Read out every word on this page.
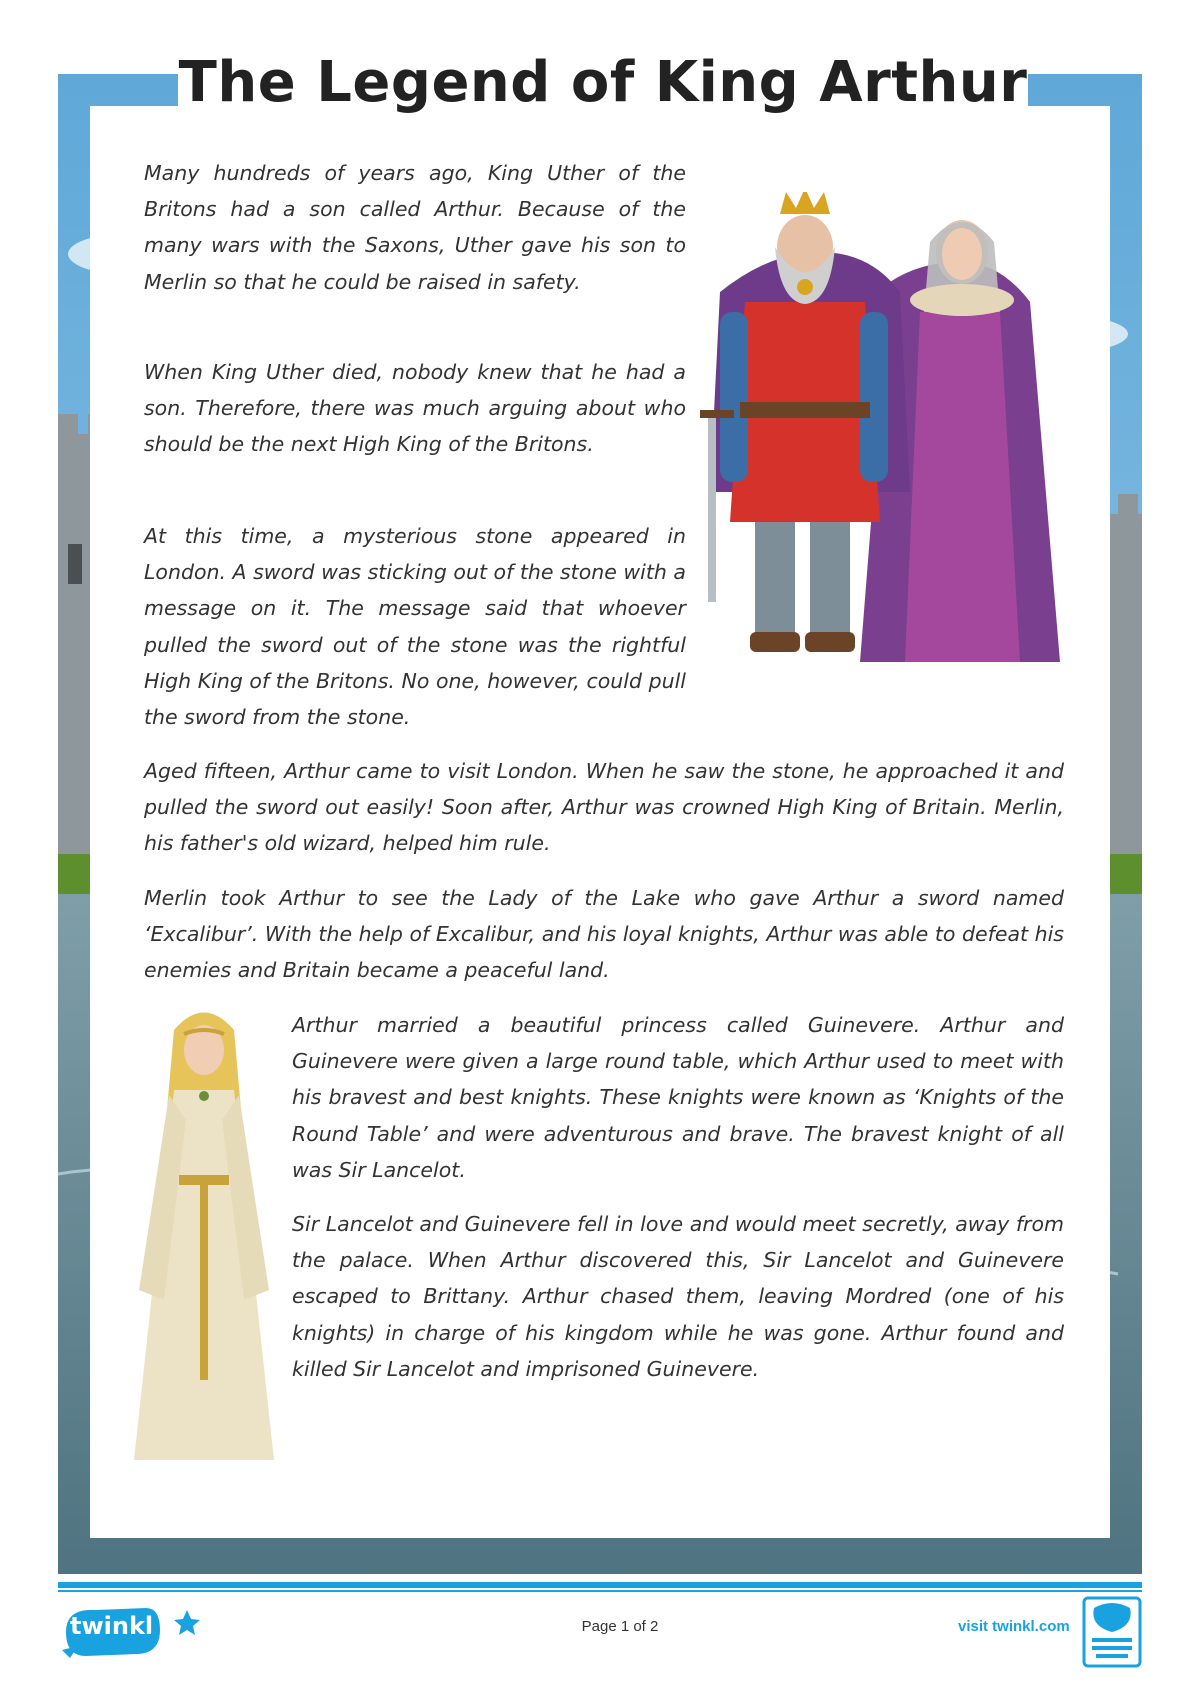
The Legend of King Arthur

Many hundreds of years ago, King Uther of the Britons had a son called Arthur. Because of the many wars with the Saxons, Uther gave his son to Merlin so that he could be raised in safety.

When King Uther died, nobody knew that he had a son. Therefore, there was much arguing about who should be the next High King of the Britons.

At this time, a mysterious stone appeared in London. A sword was sticking out of the stone with a message on it. The message said that whoever pulled the sword out of the stone was the rightful High King of the Britons. No one, however, could pull the sword from the stone.

Aged fifteen, Arthur came to visit London. When he saw the stone, he approached it and pulled the sword out easily! Soon after, Arthur was crowned High King of Britain. Merlin, his father's old wizard, helped him rule.

Merlin took Arthur to see the Lady of the Lake who gave Arthur a sword named ‘Excalibur’. With the help of Excalibur, and his loyal knights, Arthur was able to defeat his enemies and Britain became a peaceful land.

Arthur married a beautiful princess called Guinevere. Arthur and Guinevere were given a large round table, which Arthur used to meet with his bravest and best knights. These knights were known as ‘Knights of the Round Table’ and were adventurous and brave. The bravest knight of all was Sir Lancelot.

Sir Lancelot and Guinevere fell in love and would meet secretly, away from the palace. When Arthur discovered this, Sir Lancelot and Guinevere escaped to Brittany. Arthur chased them, leaving Mordred (one of his knights) in charge of his kingdom while he was gone. Arthur found and killed Sir Lancelot and imprisoned Guinevere.

twinkl	Page 1 of 2	visit twinkl.com
